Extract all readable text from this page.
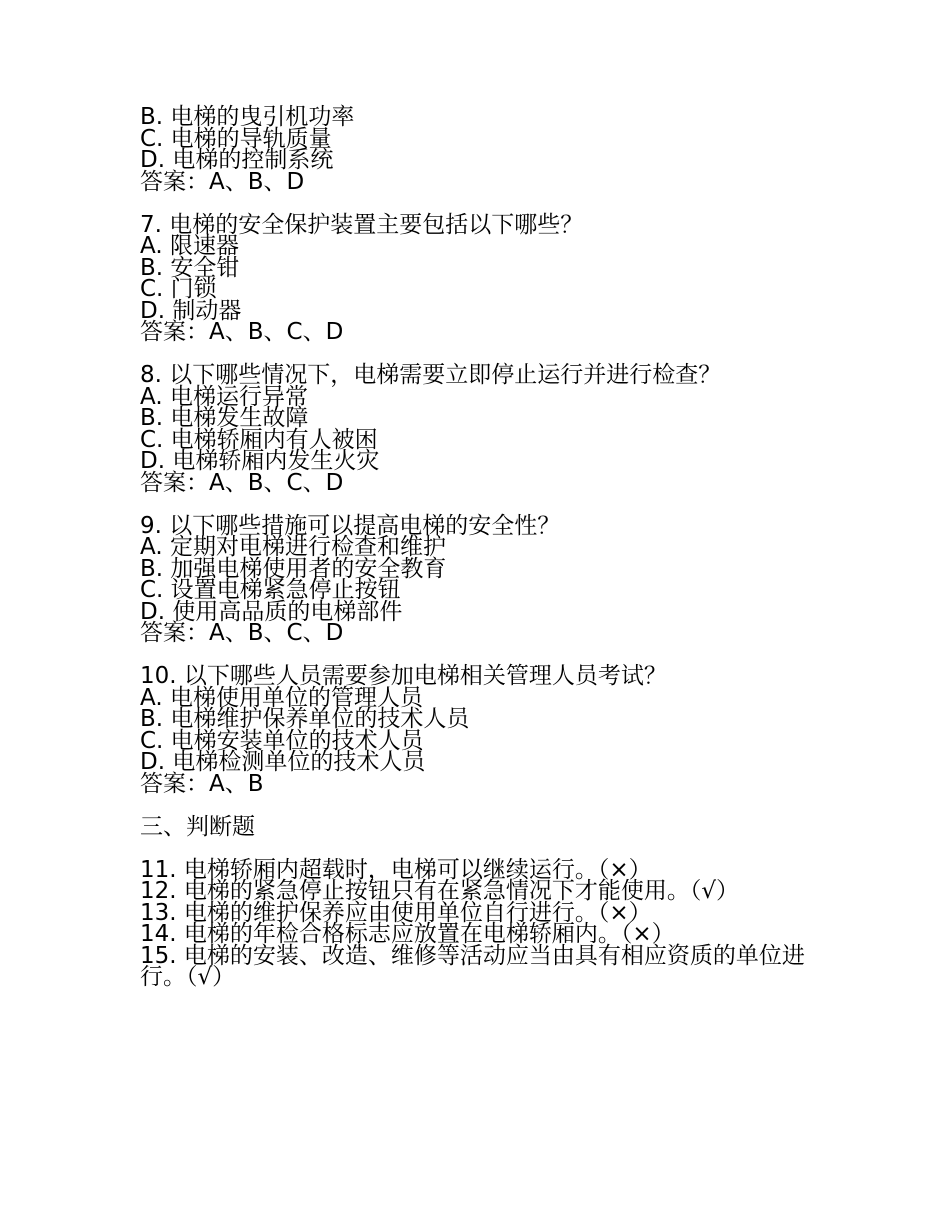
B. 电梯的曳引机功率
C. 电梯的导轨质量
D. 电梯的控制系统
答案：A、B、D
7. 电梯的安全保护装置主要包括以下哪些？
A. 限速器
B. 安全钳
C. 门锁
D. 制动器
答案：A、B、C、D
8. 以下哪些情况下，电梯需要立即停止运行并进行检查？
A. 电梯运行异常
B. 电梯发生故障
C. 电梯轿厢内有人被困
D. 电梯轿厢内发生火灾
答案：A、B、C、D
9. 以下哪些措施可以提高电梯的安全性？
A. 定期对电梯进行检查和维护
B. 加强电梯使用者的安全教育
C. 设置电梯紧急停止按钮
D. 使用高品质的电梯部件
答案：A、B、C、D
10. 以下哪些人员需要参加电梯相关管理人员考试？
A. 电梯使用单位的管理人员
B. 电梯维护保养单位的技术人员
C. 电梯安装单位的技术人员
D. 电梯检测单位的技术人员
答案：A、B
三、判断题
11. 电梯轿厢内超载时，电梯可以继续运行。（×）
12. 电梯的紧急停止按钮只有在紧急情况下才能使用。（√）
13. 电梯的维护保养应由使用单位自行进行。（×）
14. 电梯的年检合格标志应放置在电梯轿厢内。（×）
15. 电梯的安装、改造、维修等活动应当由具有相应资质的单位进行。（√）
